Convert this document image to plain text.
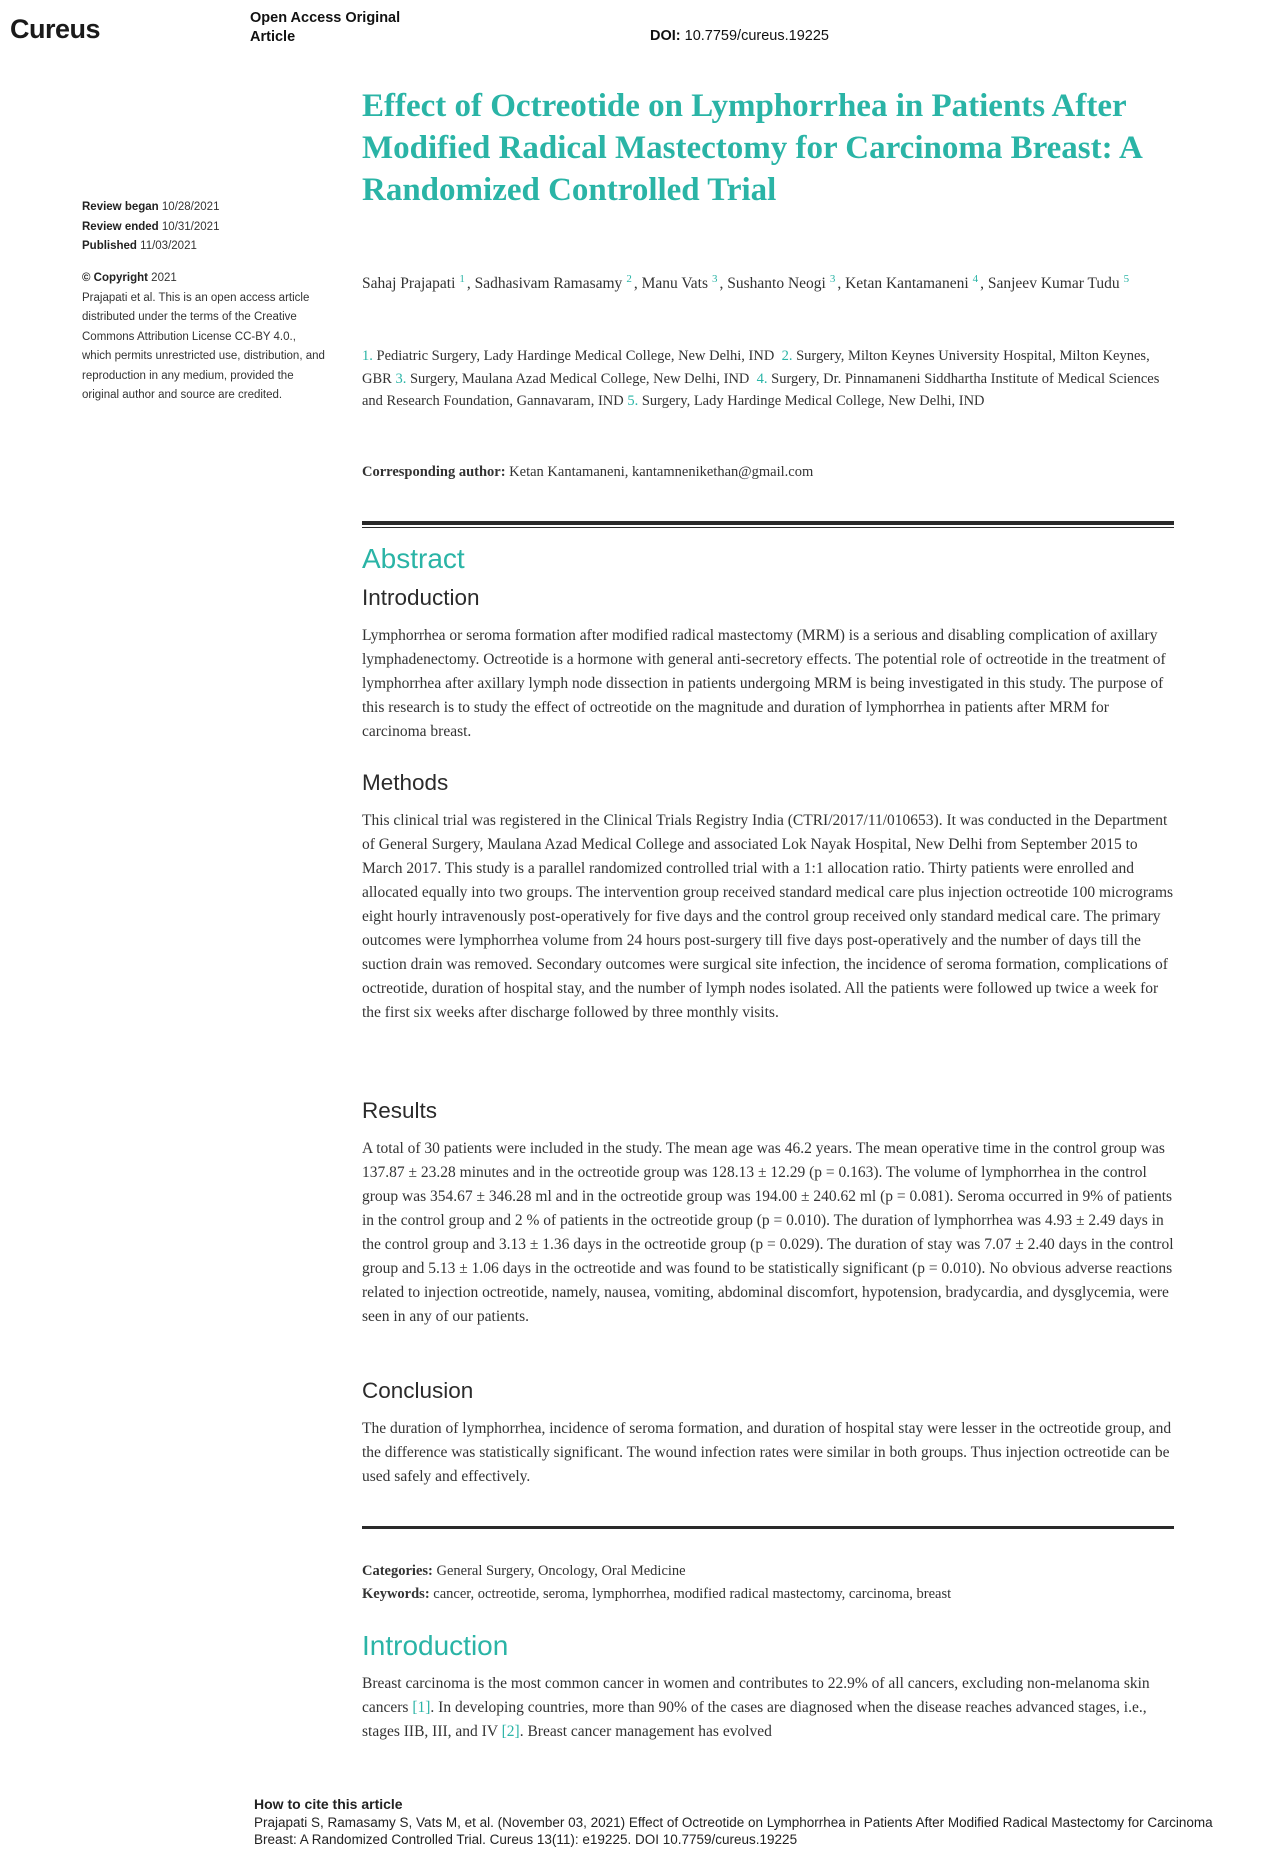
Cureus	Open Access Original
Article	DOI: 10.7759/cureus.19225
Review began 10/28/2021
Review ended 10/31/2021
Published 11/03/2021
© Copyright 2021
Prajapati et al. This is an open access article distributed under the terms of the Creative Commons Attribution License CC-BY 4.0., which permits unrestricted use, distribution, and reproduction in any medium, provided the original author and source are credited.
Effect of Octreotide on Lymphorrhea in Patients After Modified Radical Mastectomy for Carcinoma Breast: A Randomized Controlled Trial
Sahaj Prajapati $^1$ , Sadhasivam Ramasamy $^2$ , Manu Vats $^3$ , Sushanto Neogi $^3$ , Ketan Kantamaneni $^4$ , Sanjeev Kumar Tudu $^5$
1. Pediatric Surgery, Lady Hardinge Medical College, New Delhi, IND 2. Surgery, Milton Keynes University Hospital, Milton Keynes, GBR 3. Surgery, Maulana Azad Medical College, New Delhi, IND 4. Surgery, Dr. Pinnamaneni Siddhartha Institute of Medical Sciences and Research Foundation, Gannavaram, IND 5. Surgery, Lady Hardinge Medical College, New Delhi, IND
Corresponding author: Ketan Kantamaneni, kantamnenikethan@gmail.com
Abstract
Introduction
Lymphorrhea or seroma formation after modified radical mastectomy (MRM) is a serious and disabling complication of axillary lymphadenectomy. Octreotide is a hormone with general anti-secretory effects. The potential role of octreotide in the treatment of lymphorrhea after axillary lymph node dissection in patients undergoing MRM is being investigated in this study. The purpose of this research is to study the effect of octreotide on the magnitude and duration of lymphorrhea in patients after MRM for carcinoma breast.
Methods
This clinical trial was registered in the Clinical Trials Registry India (CTRI/2017/11/010653). It was conducted in the Department of General Surgery, Maulana Azad Medical College and associated Lok Nayak Hospital, New Delhi from September 2015 to March 2017. This study is a parallel randomized controlled trial with a 1:1 allocation ratio. Thirty patients were enrolled and allocated equally into two groups. The intervention group received standard medical care plus injection octreotide 100 micrograms eight hourly intravenously post-operatively for five days and the control group received only standard medical care. The primary outcomes were lymphorrhea volume from 24 hours post-surgery till five days post-operatively and the number of days till the suction drain was removed. Secondary outcomes were surgical site infection, the incidence of seroma formation, complications of octreotide, duration of hospital stay, and the number of lymph nodes isolated. All the patients were followed up twice a week for the first six weeks after discharge followed by three monthly visits.
Results
A total of 30 patients were included in the study. The mean age was 46.2 years. The mean operative time in the control group was 137.87 ± 23.28 minutes and in the octreotide group was 128.13 ± 12.29 (p = 0.163). The volume of lymphorrhea in the control group was 354.67 ± 346.28 ml and in the octreotide group was 194.00 ± 240.62 ml (p = 0.081). Seroma occurred in 9% of patients in the control group and 2 % of patients in the octreotide group (p = 0.010). The duration of lymphorrhea was 4.93 ± 2.49 days in the control group and 3.13 ± 1.36 days in the octreotide group (p = 0.029). The duration of stay was 7.07 ± 2.40 days in the control group and 5.13 ± 1.06 days in the octreotide and was found to be statistically significant (p = 0.010). No obvious adverse reactions related to injection octreotide, namely, nausea, vomiting, abdominal discomfort, hypotension, bradycardia, and dysglycemia, were seen in any of our patients.
Conclusion
The duration of lymphorrhea, incidence of seroma formation, and duration of hospital stay were lesser in the octreotide group, and the difference was statistically significant. The wound infection rates were similar in both groups. Thus injection octreotide can be used safely and effectively.
Categories: General Surgery, Oncology, Oral Medicine
Keywords: cancer, octreotide, seroma, lymphorrhea, modified radical mastectomy, carcinoma, breast
Introduction
Breast carcinoma is the most common cancer in women and contributes to 22.9% of all cancers, excluding non-melanoma skin cancers [1]. In developing countries, more than 90% of the cases are diagnosed when the disease reaches advanced stages, i.e., stages IIB, III, and IV [2]. Breast cancer management has evolved
How to cite this article
Prajapati S, Ramasamy S, Vats M, et al. (November 03, 2021) Effect of Octreotide on Lymphorrhea in Patients After Modified Radical Mastectomy for Carcinoma Breast: A Randomized Controlled Trial. Cureus 13(11): e19225. DOI 10.7759/cureus.19225
